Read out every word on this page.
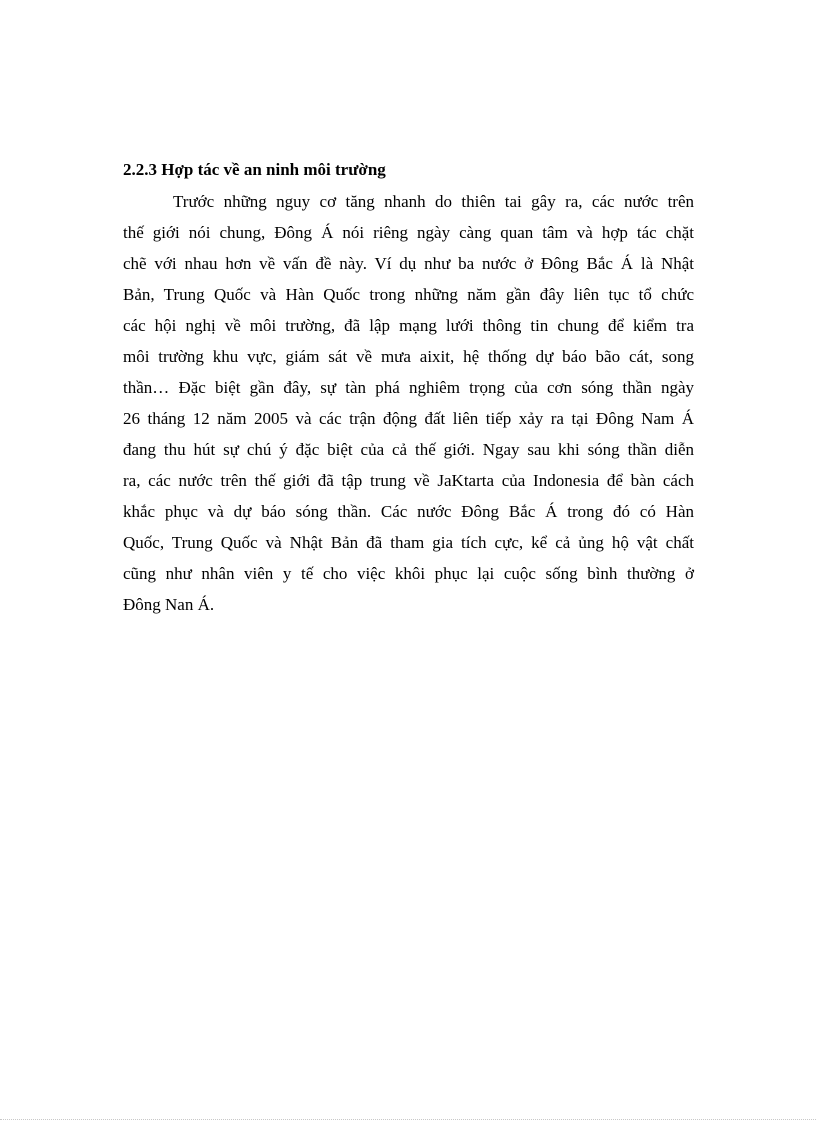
2.2.3 Hợp tác về an ninh môi trường

Trước những nguy cơ tăng nhanh do thiên tai gây ra, các nước trên
thế giới nói chung, Đông Á nói riêng ngày càng quan tâm và hợp tác chặt
chẽ với nhau hơn về vấn đề này. Ví dụ như ba nước ở Đông Bắc Á là Nhật
Bản, Trung Quốc và Hàn Quốc trong những năm gần đây liên tục tổ chức
các hội nghị về môi trường, đã lập mạng lưới thông tin chung để kiểm tra
môi trường khu vực, giám sát về mưa aixit, hệ thống dự báo bão cát, song
thần… Đặc biệt gần đây, sự tàn phá nghiêm trọng của cơn sóng thần ngày
26 tháng 12 năm 2005 và các trận động đất liên tiếp xảy ra tại Đông Nam Á
đang thu hút sự chú ý đặc biệt của cả thế giới. Ngay sau khi sóng thần diễn
ra, các nước trên thế giới đã tập trung về JaKtarta của Indonesia để bàn cách
khắc phục và dự báo sóng thần. Các nước Đông Bắc Á trong đó có Hàn
Quốc, Trung Quốc và Nhật Bản đã tham gia tích cực, kể cả ủng hộ vật chất
cũng như nhân viên y tế cho việc khôi phục lại cuộc sống bình thường ở
Đông Nan Á.
